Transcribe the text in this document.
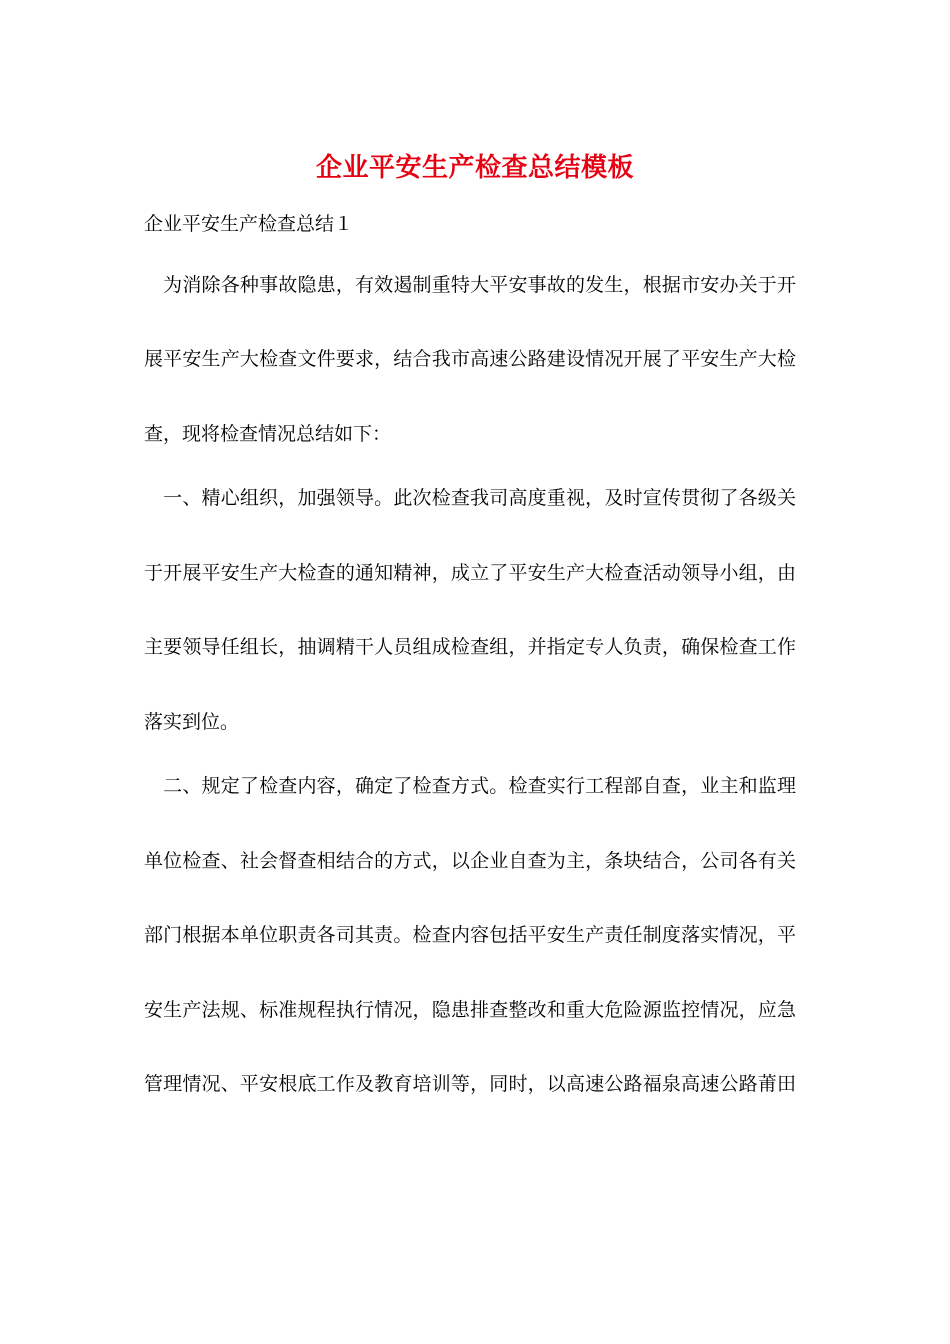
企业平安生产检查总结模板
企业平安生产检查总结１
　为消除各种事故隐患，有效遏制重特大平安事故的发生，根据市安办关于开
展平安生产大检查文件要求，结合我市高速公路建设情况开展了平安生产大检
查，现将检查情况总结如下：
　一、精心组织，加强领导。此次检查我司高度重视，及时宣传贯彻了各级关
于开展平安生产大检查的通知精神，成立了平安生产大检查活动领导小组，由
主要领导任组长，抽调精干人员组成检查组，并指定专人负责，确保检查工作
落实到位。
　二、规定了检查内容，确定了检查方式。检查实行工程部自查，业主和监理
单位检查、社会督查相结合的方式，以企业自查为主，条块结合，公司各有关
部门根据本单位职责各司其责。检查内容包括平安生产责任制度落实情况，平
安生产法规、标准规程执行情况，隐患排查整改和重大危险源监控情况，应急
管理情况、平安根底工作及教育培训等，同时，以高速公路福泉高速公路莆田
